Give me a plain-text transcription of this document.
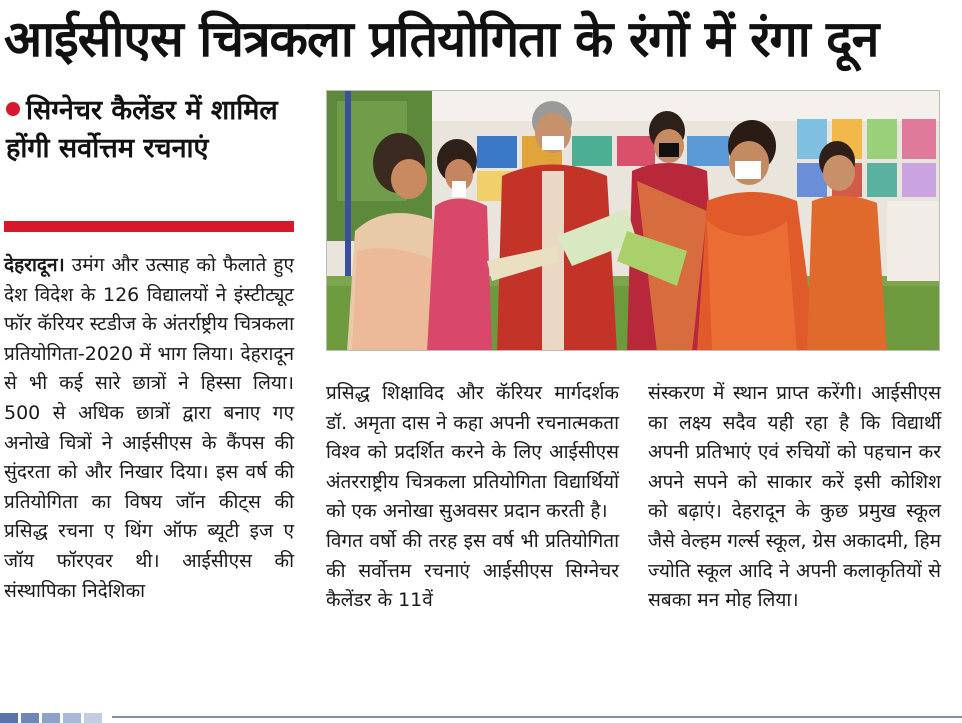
आईसीएस चित्रकला प्रतियोगिता के रंगों में रंगा दून
सिग्नेचर कैलेंडर में शामिल होंगी सर्वोत्तम रचनाएं

देहरादून। उमंग और उत्साह को फैलाते हुए देश विदेश के 126 विद्यालयों ने इंस्टीट्यूट फॉर कॅरियर स्टडीज के अंतर्राष्ट्रीय चित्रकला प्रतियोगिता-2020 में भाग लिया। देहरादून से भी कई सारे छात्रों ने हिस्सा लिया। 500 से अधिक छात्रों द्वारा बनाए गए अनोखे चित्रों ने आईसीएस के कैंपस की सुंदरता को और निखार दिया। इस वर्ष की प्रतियोगिता का विषय जॉन कीट्स की प्रसिद्ध रचना ए थिंग ऑफ ब्यूटी इज ए जॉय फॉरएवर थी। आईसीएस की संस्थापिका निदेशिका

प्रसिद्ध शिक्षाविद और कॅरियर मार्गदर्शक डॉ. अमृता दास ने कहा अपनी रचनात्मकता विश्व को प्रदर्शित करने के लिए आईसीएस अंतरराष्ट्रीय चित्रकला प्रतियोगिता विद्यार्थियों को एक अनोखा सुअवसर प्रदान करती है।

विगत वर्षो की तरह इस वर्ष भी प्रतियोगिता की सर्वोत्तम रचनाएं आईसीएस सिग्नेचर कैलेंडर के 11वें

संस्करण में स्थान प्राप्त करेंगी। आईसीएस का लक्ष्य सदैव यही रहा है कि विद्यार्थी अपनी प्रतिभाएं एवं रुचियों को पहचान कर अपने सपने को साकार करें इसी कोशिश को बढ़ाएं। देहरादून के कुछ प्रमुख स्कूल जैसे वेल्हम गर्ल्स स्कूल, ग्रेस अकादमी, हिम ज्योति स्कूल आदि ने अपनी कलाकृतियों से सबका मन मोह लिया।
